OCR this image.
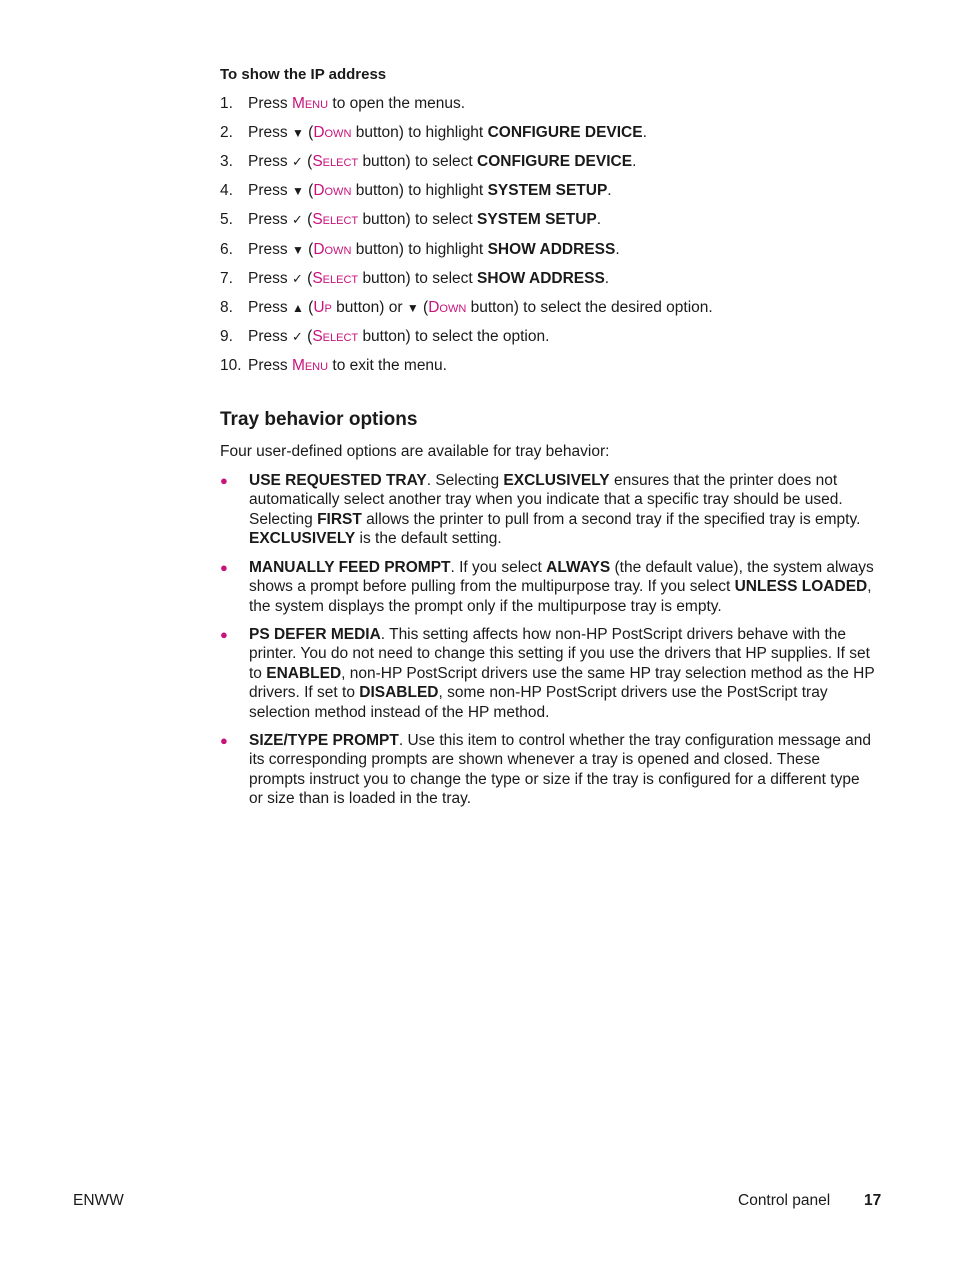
To show the IP address
1. Press Menu to open the menus.
2. Press ▼ (Down button) to highlight CONFIGURE DEVICE.
3. Press ✓ (Select button) to select CONFIGURE DEVICE.
4. Press ▼ (Down button) to highlight SYSTEM SETUP.
5. Press ✓ (Select button) to select SYSTEM SETUP.
6. Press ▼ (Down button) to highlight SHOW ADDRESS.
7. Press ✓ (Select button) to select SHOW ADDRESS.
8. Press ▲ (Up button) or ▼ (Down button) to select the desired option.
9. Press ✓ (Select button) to select the option.
10. Press Menu to exit the menu.
Tray behavior options
Four user-defined options are available for tray behavior:
● USE REQUESTED TRAY. Selecting EXCLUSIVELY ensures that the printer does not automatically select another tray when you indicate that a specific tray should be used. Selecting FIRST allows the printer to pull from a second tray if the specified tray is empty. EXCLUSIVELY is the default setting.
● MANUALLY FEED PROMPT. If you select ALWAYS (the default value), the system always shows a prompt before pulling from the multipurpose tray. If you select UNLESS LOADED, the system displays the prompt only if the multipurpose tray is empty.
● PS DEFER MEDIA. This setting affects how non-HP PostScript drivers behave with the printer. You do not need to change this setting if you use the drivers that HP supplies. If set to ENABLED, non-HP PostScript drivers use the same HP tray selection method as the HP drivers. If set to DISABLED, some non-HP PostScript drivers use the PostScript tray selection method instead of the HP method.
● SIZE/TYPE PROMPT. Use this item to control whether the tray configuration message and its corresponding prompts are shown whenever a tray is opened and closed. These prompts instruct you to change the type or size if the tray is configured for a different type or size than is loaded in the tray.
ENWW	Control panel 17
